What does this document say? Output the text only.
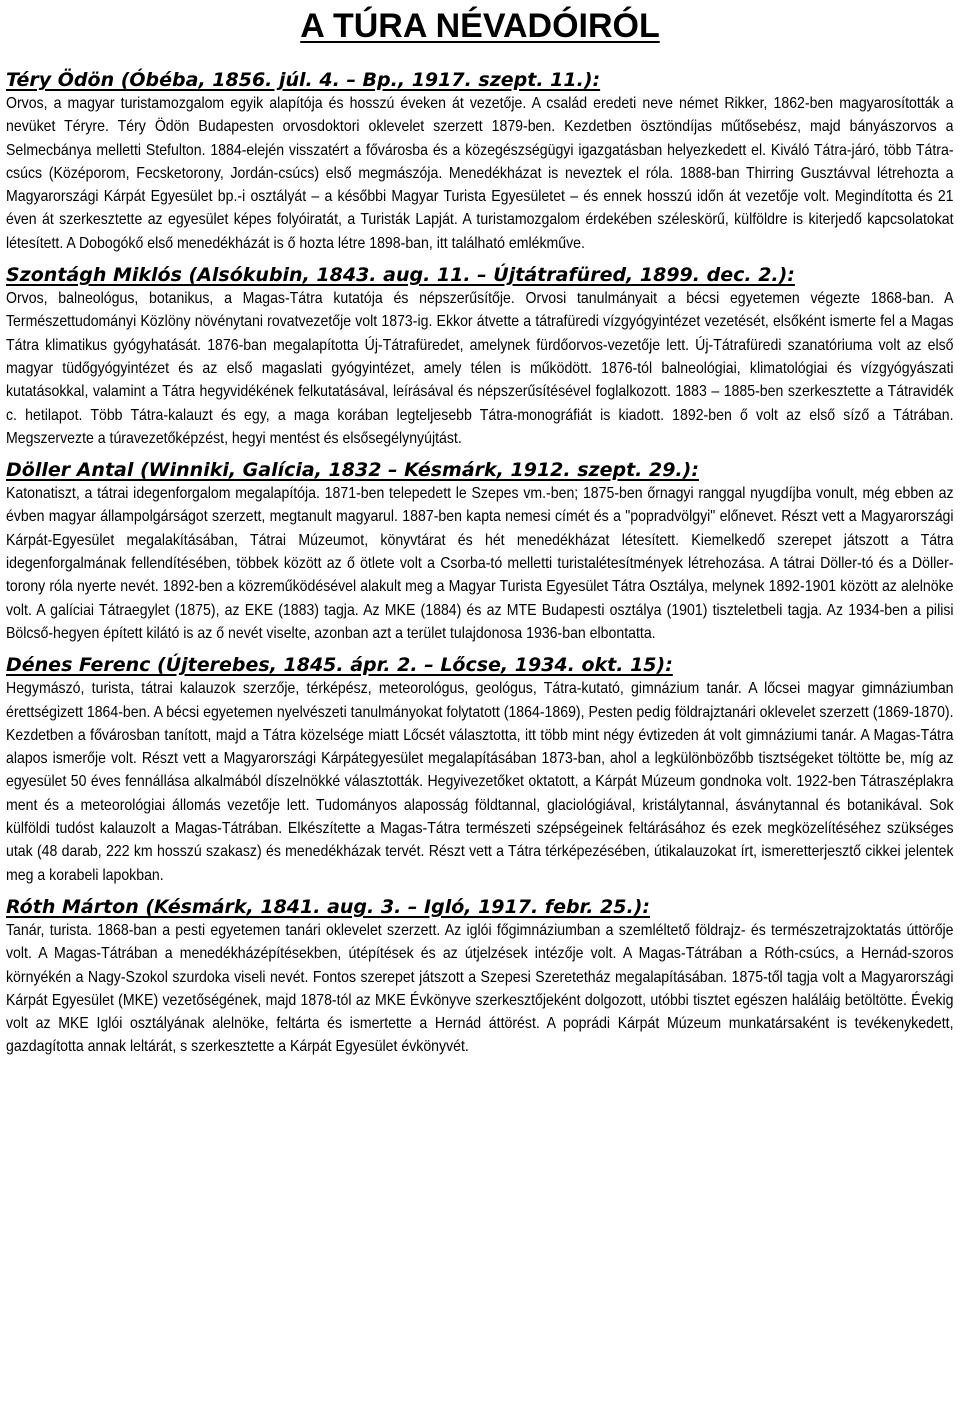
A TÚRA NÉVADÓIRÓL
Téry Ödön (Óbéba, 1856. júl. 4. – Bp., 1917. szept. 11.):

Orvos, a magyar turistamozgalom egyik alapítója és hosszú éveken át vezetője. A család eredeti neve német Rikker, 1862-ben magyarosították a nevüket Téryre. Téry Ödön Budapesten orvosdoktori oklevelet szerzett 1879-ben. Kezdetben ösztöndíjas műtősebész, majd bányászorvos a Selmecbánya melletti Stefulton. 1884-elején visszatért a fővárosba és a közegészségügyi igazgatásban helyezkedett el. Kiváló Tátra-járó, több Tátra-csúcs (Középorom, Fecsketorony, Jordán-csúcs) első megmászója. Menedékházat is neveztek el róla. 1888-ban Thirring Gusztávval létrehozta a Magyarországi Kárpát Egyesület bp.-i osztályát – a későbbi Magyar Turista Egyesületet – és ennek hosszú időn át vezetője volt. Megindította és 21 éven át szerkesztette az egyesület képes folyóiratát, a Turisták Lapját. A turistamozgalom érdekében széleskörű, külföldre is kiterjedő kapcsolatokat létesített. A Dobogókő első menedékházát is ő hozta létre 1898-ban, itt található emlékműve.

Szontágh Miklós (Alsókubin, 1843. aug. 11. – Újtátrafüred, 1899. dec. 2.):

Orvos, balneológus, botanikus, a Magas-Tátra kutatója és népszerűsítője. Orvosi tanulmányait a bécsi egyetemen végezte 1868-ban. A Természettudományi Közlöny növénytani rovatvezetője volt 1873-ig. Ekkor átvette a tátrafüredi vízgyógyintézet vezetését, elsőként ismerte fel a Magas Tátra klimatikus gyógyhatását. 1876-ban megalapította Új-Tátrafüredet, amelynek fürdőorvos-vezetője lett. Új-Tátrafüredi szanatóriuma volt az első magyar tüdőgyógyintézet és az első magaslati gyógyintézet, amely télen is működött. 1876-tól balneológiai, klimatológiai és vízgyógyászati kutatásokkal, valamint a Tátra hegyvidékének felkutatásával, leírásával és népszerűsítésével foglalkozott. 1883 – 1885-ben szerkesztette a Tátravidék c. hetilapot. Több Tátra-kalauzt és egy, a maga korában legteljesebb Tátra-monográfiát is kiadott. 1892-ben ő volt az első síző a Tátrában. Megszervezte a túravezetőképzést, hegyi mentést és elsősegélynyújtást.

Döller Antal (Winniki, Galícia, 1832 – Késmárk, 1912. szept. 29.):

Katonatiszt, a tátrai idegenforgalom megalapítója. 1871-ben telepedett le Szepes vm.-ben; 1875-ben őrnagyi ranggal nyugdíjba vonult, még ebben az évben magyar állampolgárságot szerzett, megtanult magyarul. 1887-ben kapta nemesi címét és a "popradvölgyi" előnevet. Részt vett a Magyarországi Kárpát-Egyesület megalakításában, Tátrai Múzeumot, könyvtárat és hét menedékházat létesített. Kiemelkedő szerepet játszott a Tátra idegenforgalmának fellendítésében, többek között az ő ötlete volt a Csorba-tó melletti turistalétesítmények létrehozása. A tátrai Döller-tó és a Döller-torony róla nyerte nevét. 1892-ben a közreműködésével alakult meg a Magyar Turista Egyesület Tátra Osztálya, melynek 1892-1901 között az alelnöke volt. A galíciai Tátraegylet (1875), az EKE (1883) tagja. Az MKE (1884) és az MTE Budapesti osztálya (1901) tiszteletbeli tagja. Az 1934-ben a pilisi Bölcső-hegyen épített kilátó is az ő nevét viselte, azonban azt a terület tulajdonosa 1936-ban elbontatta.

Dénes Ferenc (Újterebes, 1845. ápr. 2. – Lőcse, 1934. okt. 15):

Hegymászó, turista, tátrai kalauzok szerzője, térképész, meteorológus, geológus, Tátra-kutató, gimnázium tanár. A lőcsei magyar gimnáziumban érettségizett 1864-ben. A bécsi egyetemen nyelvészeti tanulmányokat folytatott (1864-1869), Pesten pedig földrajztanári oklevelet szerzett (1869-1870). Kezdetben a fővárosban tanított, majd a Tátra közelsége miatt Lőcsét választotta, itt több mint négy évtizeden át volt gimnáziumi tanár. A Magas-Tátra alapos ismerője volt. Részt vett a Magyarországi Kárpátegyesület megalapításában 1873-ban, ahol a legkülönbözőbb tisztségeket töltötte be, míg az egyesület 50 éves fennállása alkalmából díszelnökké választották. Hegyivezetőket oktatott, a Kárpát Múzeum gondnoka volt. 1922-ben Tátraszéplakra ment és a meteorológiai állomás vezetője lett. Tudományos alaposság földtannal, glaciológiával, kristálytannal, ásványtannal és botanikával. Sok külföldi tudóst kalauzolt a Magas-Tátrában. Elkészítette a Magas-Tátra természeti szépségeinek feltárásához és ezek megközelítéséhez szükséges utak (48 darab, 222 km hosszú szakasz) és menedékházak tervét. Részt vett a Tátra térképezésében, útikalauzokat írt, ismeretterjesztő cikkei jelentek meg a korabeli lapokban.

Róth Márton (Késmárk, 1841. aug. 3. – Igló, 1917. febr. 25.):

Tanár, turista. 1868-ban a pesti egyetemen tanári oklevelet szerzett. Az iglói főgimnáziumban a szemléltető földrajz- és természetrajzoktatás úttörője volt. A Magas-Tátrában a menedékházépítésekben, útépítések és az útjelzések intézője volt. A Magas-Tátrában a Róth-csúcs, a Hernád-szoros környékén a Nagy-Szokol szurdoka viseli nevét. Fontos szerepet játszott a Szepesi Szeretetház megalapításában. 1875-től tagja volt a Magyarországi Kárpát Egyesület (MKE) vezetőségének, majd 1878-tól az MKE Évkönyve szerkesztőjeként dolgozott, utóbbi tisztet egészen haláláig betöltötte. Évekig volt az MKE Iglói osztályának alelnöke, feltárta és ismertette a Hernád áttörést. A poprádi Kárpát Múzeum munkatársaként is tevékenykedett, gazdagította annak leltárát, s szerkesztette a Kárpát Egyesület évkönyvét.
